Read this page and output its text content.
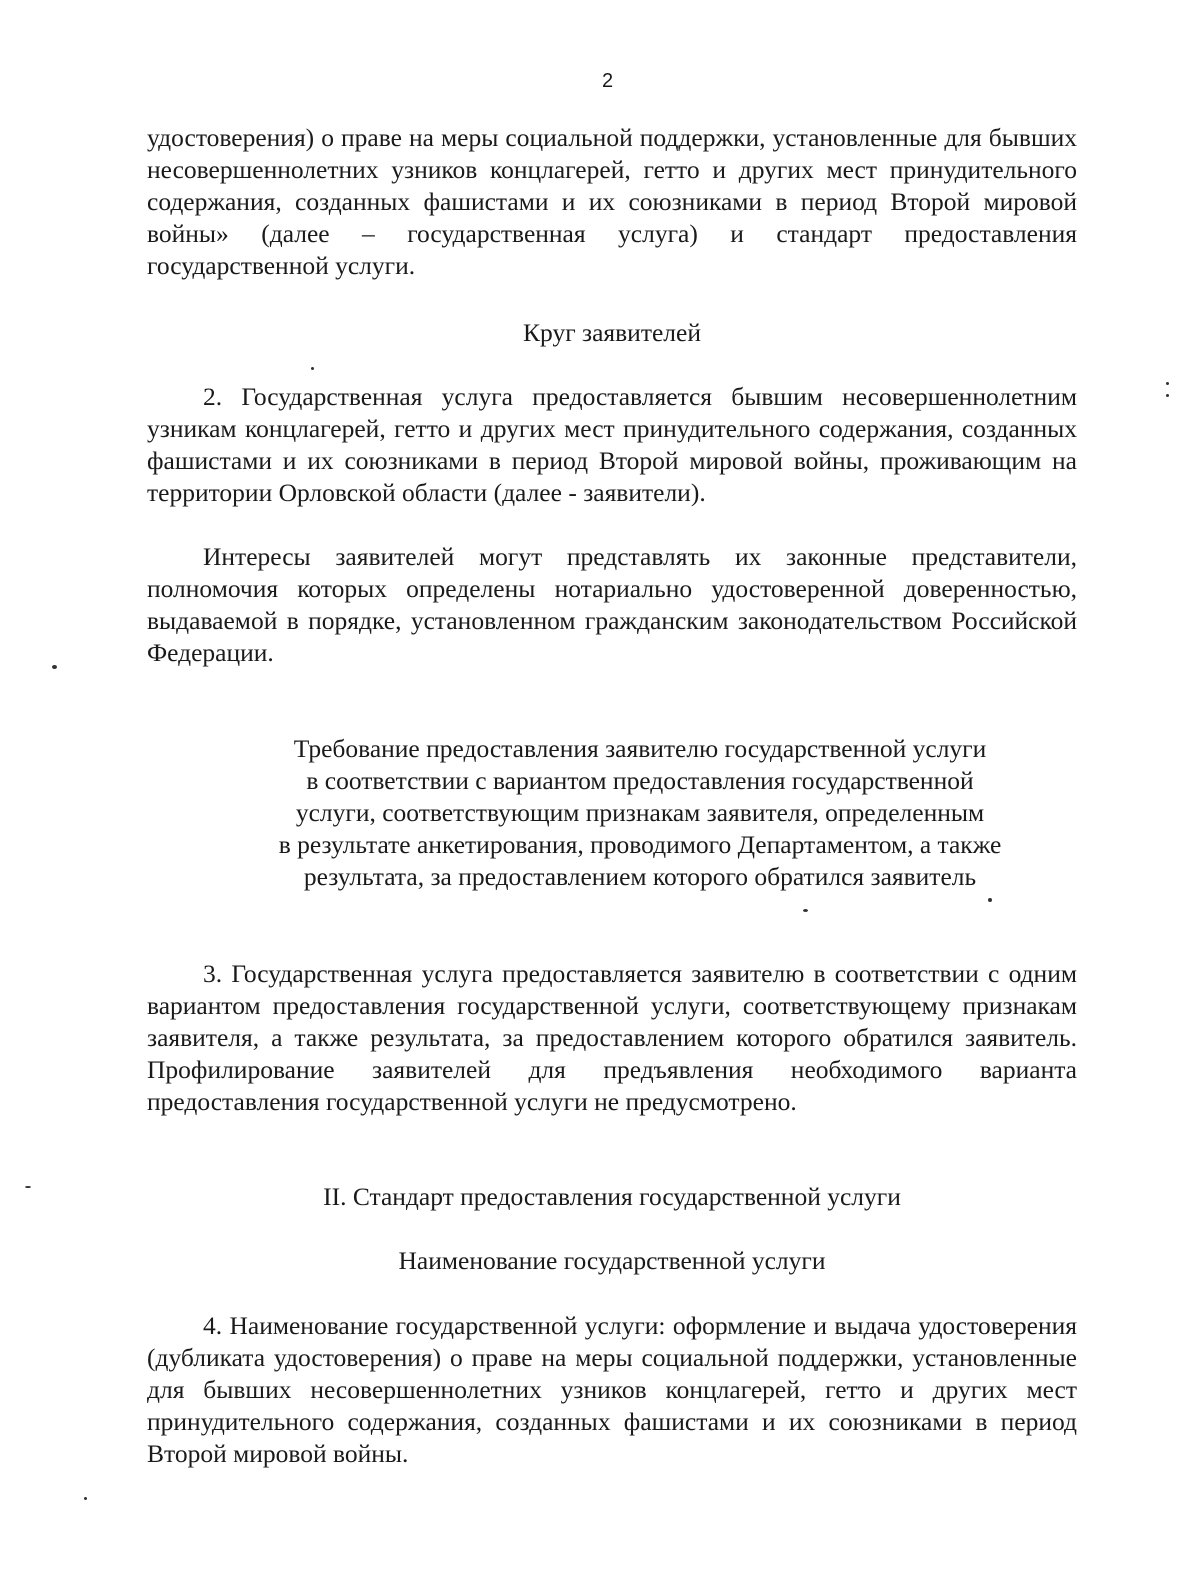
2

удостоверения) о праве на меры социальной поддержки, установленные для бывших несовершеннолетних узников концлагерей, гетто и других мест принудительного содержания, созданных фашистами и их союзниками в период Второй мировой войны» (далее – государственная услуга) и стандарт предоставления государственной услуги.

Круг заявителей

2. Государственная услуга предоставляется бывшим несовершеннолетним узникам концлагерей, гетто и других мест принудительного содержания, созданных фашистами и их союзниками в период Второй мировой войны, проживающим на территории Орловской области (далее - заявители).

Интересы заявителей могут представлять их законные представители, полномочия которых определены нотариально удостоверенной доверенностью, выдаваемой в порядке, установленном гражданским законодательством Российской Федерации.

Требование предоставления заявителю государственной услуги
в соответствии с вариантом предоставления государственной
услуги, соответствующим признакам заявителя, определенным
в результате анкетирования, проводимого Департаментом, а также
результата, за предоставлением которого обратился заявитель

3. Государственная услуга предоставляется заявителю в соответствии с одним вариантом предоставления государственной услуги, соответствующему признакам заявителя, а также результата, за предоставлением которого обратился заявитель. Профилирование заявителей для предъявления необходимого варианта предоставления государственной услуги не предусмотрено.

II. Стандарт предоставления государственной услуги

Наименование государственной услуги

4. Наименование государственной услуги: оформление и выдача удостоверения (дубликата удостоверения) о праве на меры социальной поддержки, установленные для бывших несовершеннолетних узников концлагерей, гетто и других мест принудительного содержания, созданных фашистами и их союзниками в период Второй мировой войны.
